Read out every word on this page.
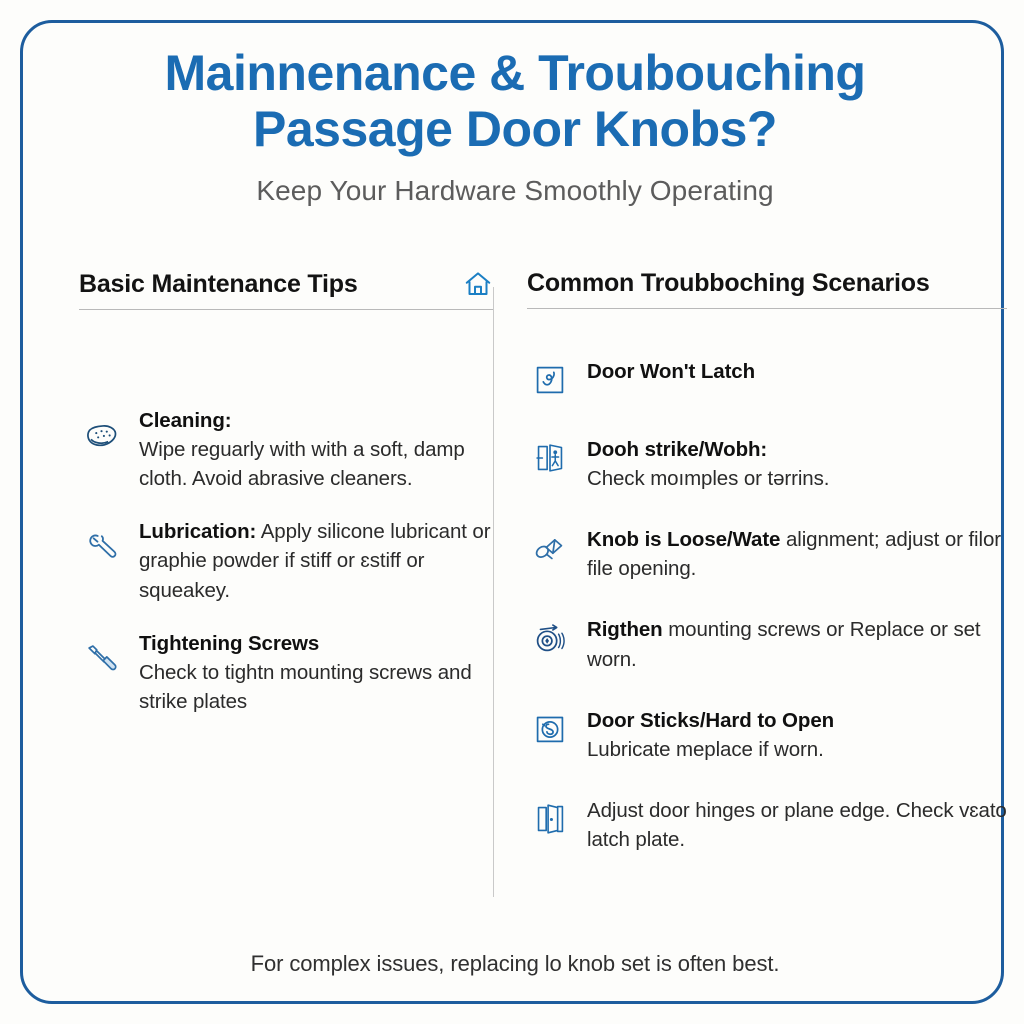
Mainnenance & Troubouching
Passage Door Knobs?
Keep Your Hardware Smoothly Operating
Basic Maintenance Tips
Cleaning:
Wipe reguarly with with a soft, damp cloth. Avoid abrasive cleaners.
Lubrication: Apply silicone lubricant or graphie powder if stiff or ɛstiff or squeakey.
Tightening Screws
Check to tightn mounting screws and strike plates
Common Troubboching Scenarios
Door Won't Latch
Dooh strike/Wobh:
Check moımples or tərrins.
Knob is Loose/Wate alignment; adjust or filor file opening.
Rigthen mounting screws or Replace or set worn.
Door Sticks/Hard to Open
Lubricate meplace if worn.
Adjust door hinges or plane edge. Check vɛato latch plate.
For complex issues, replacing lo knob set is often best.
